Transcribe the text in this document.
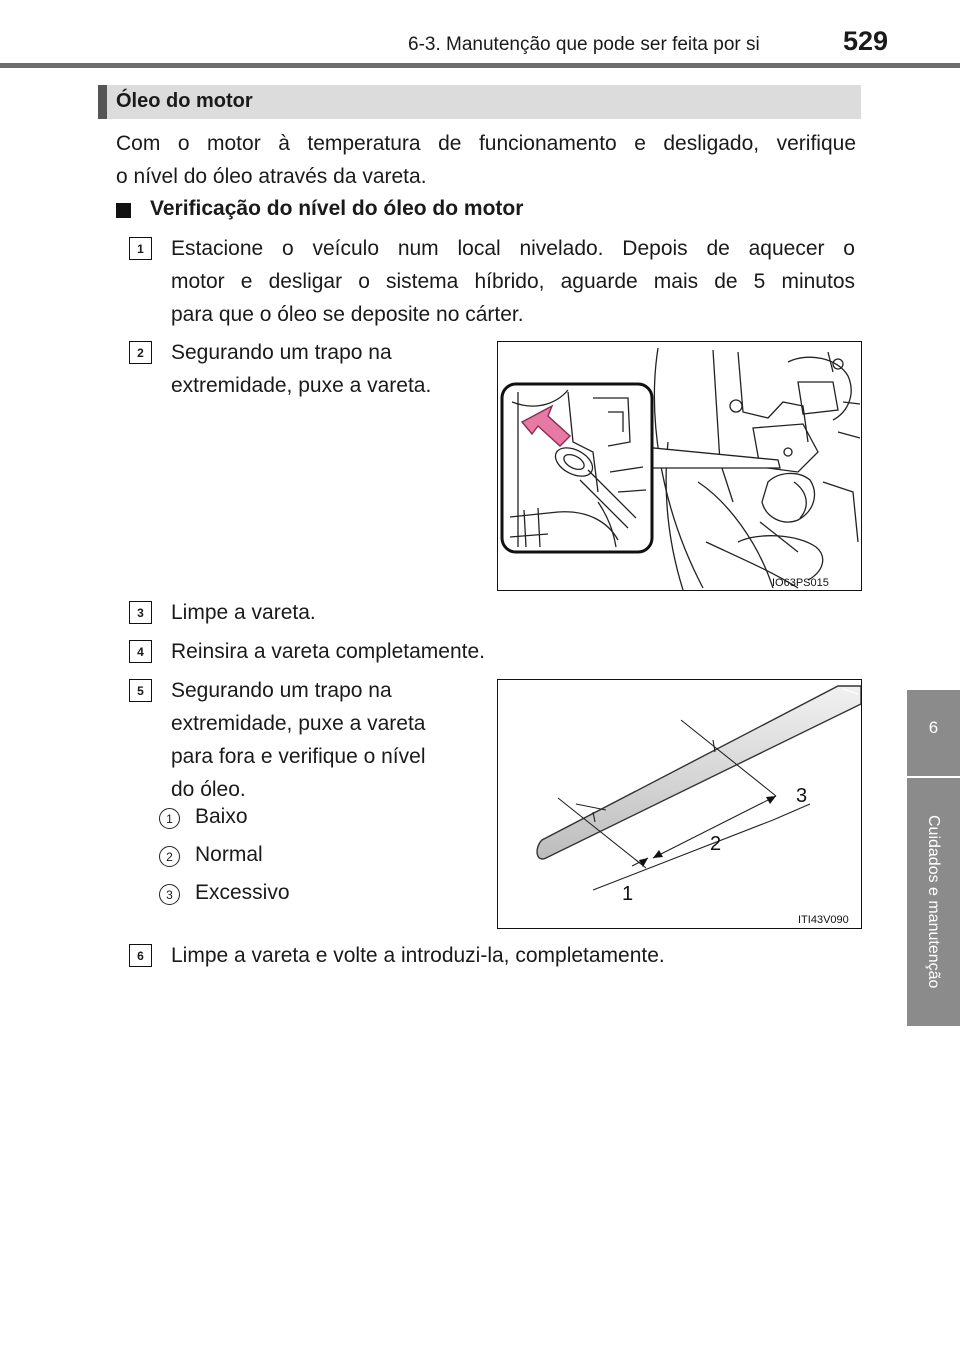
6-3. Manutenção que pode ser feita por si	529
6
Cuidados e manutenção
Óleo do motor
Com o motor à temperatura de funcionamento e desligado, verifique
o nível do óleo através da vareta.
Verificação do nível do óleo do motor
1	Estacione o veículo num local nivelado. Depois de aquecer o
motor e desligar o sistema híbrido, aguarde mais de 5 minutos
para que o óleo se deposite no cárter.
2	Segurando um trapo na
extremidade, puxe a vareta.
IO63PS015
3	Limpe a vareta.
4	Reinsira a vareta completamente.
5	Segurando um trapo na
extremidade, puxe a vareta
para fora e verifique o nível
do óleo.
1	Baixo
2	Normal
3	Excessivo
3
2
1
ITI43V090
6	Limpe a vareta e volte a introduzi-la, completamente.
